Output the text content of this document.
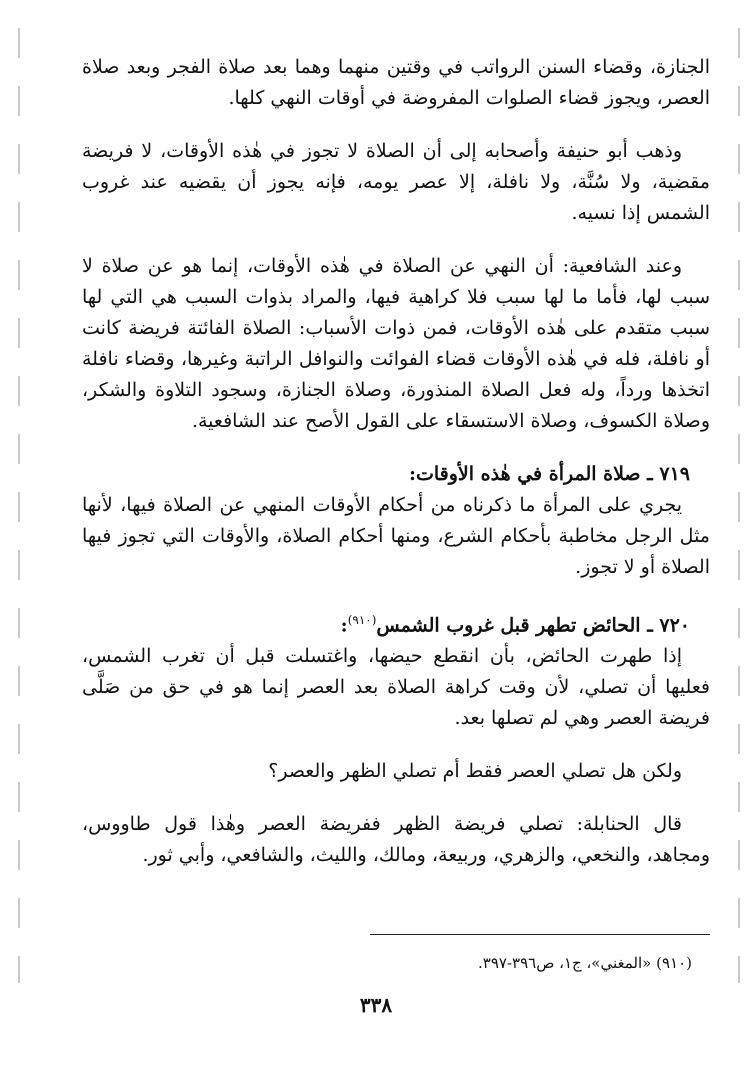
الجنازة، وقضاء السنن الرواتب في وقتين منهما وهما بعد صلاة الفجر وبعد صلاة العصر، ويجوز قضاء الصلوات المفروضة في أوقات النهي كلها.

وذهب أبو حنيفة وأصحابه إلى أن الصلاة لا تجوز في هٰذه الأوقات، لا فريضة مقضية، ولا سُنَّة، ولا نافلة، إلا عصر يومه، فإنه يجوز أن يقضيه عند غروب الشمس إذا نسيه.

وعند الشافعية: أن النهي عن الصلاة في هٰذه الأوقات، إنما هو عن صلاة لا سبب لها، فأما ما لها سبب فلا كراهية فيها، والمراد بذوات السبب هي التي لها سبب متقدم على هٰذه الأوقات، فمن ذوات الأسباب: الصلاة الفائتة فريضة كانت أو نافلة، فله في هٰذه الأوقات قضاء الفوائت والنوافل الراتبة وغيرها، وقضاء نافلة اتخذها ورداً، وله فعل الصلاة المنذورة، وصلاة الجنازة، وسجود التلاوة والشكر، وصلاة الكسوف، وصلاة الاستسقاء على القول الأصح عند الشافعية.

٧١٩ ـ صلاة المرأة في هٰذه الأوقات:

يجري على المرأة ما ذكرناه من أحكام الأوقات المنهي عن الصلاة فيها، لأنها مثل الرجل مخاطبة بأحكام الشرع، ومنها أحكام الصلاة، والأوقات التي تجوز فيها الصلاة أو لا تجوز.

٧٢٠ ـ الحائض تطهر قبل غروب الشمس$^{(٩١٠)}$:

إذا طهرت الحائض، بأن انقطع حيضها، واغتسلت قبل أن تغرب الشمس، فعليها أن تصلي، لأن وقت كراهة الصلاة بعد العصر إنما هو في حق من صَلَّى فريضة العصر وهي لم تصلها بعد.

ولكن هل تصلي العصر فقط أم تصلي الظهر والعصر؟

قال الحنابلة: تصلي فريضة الظهر ففريضة العصر وهٰذا قول طاووس، ومجاهد، والنخعي، والزهري، وربيعة، ومالك، والليث، والشافعي، وأبي ثور.

(٩١٠) «المغني»، ج١، ص٣٩٦-٣٩٧.
٣٣٨
